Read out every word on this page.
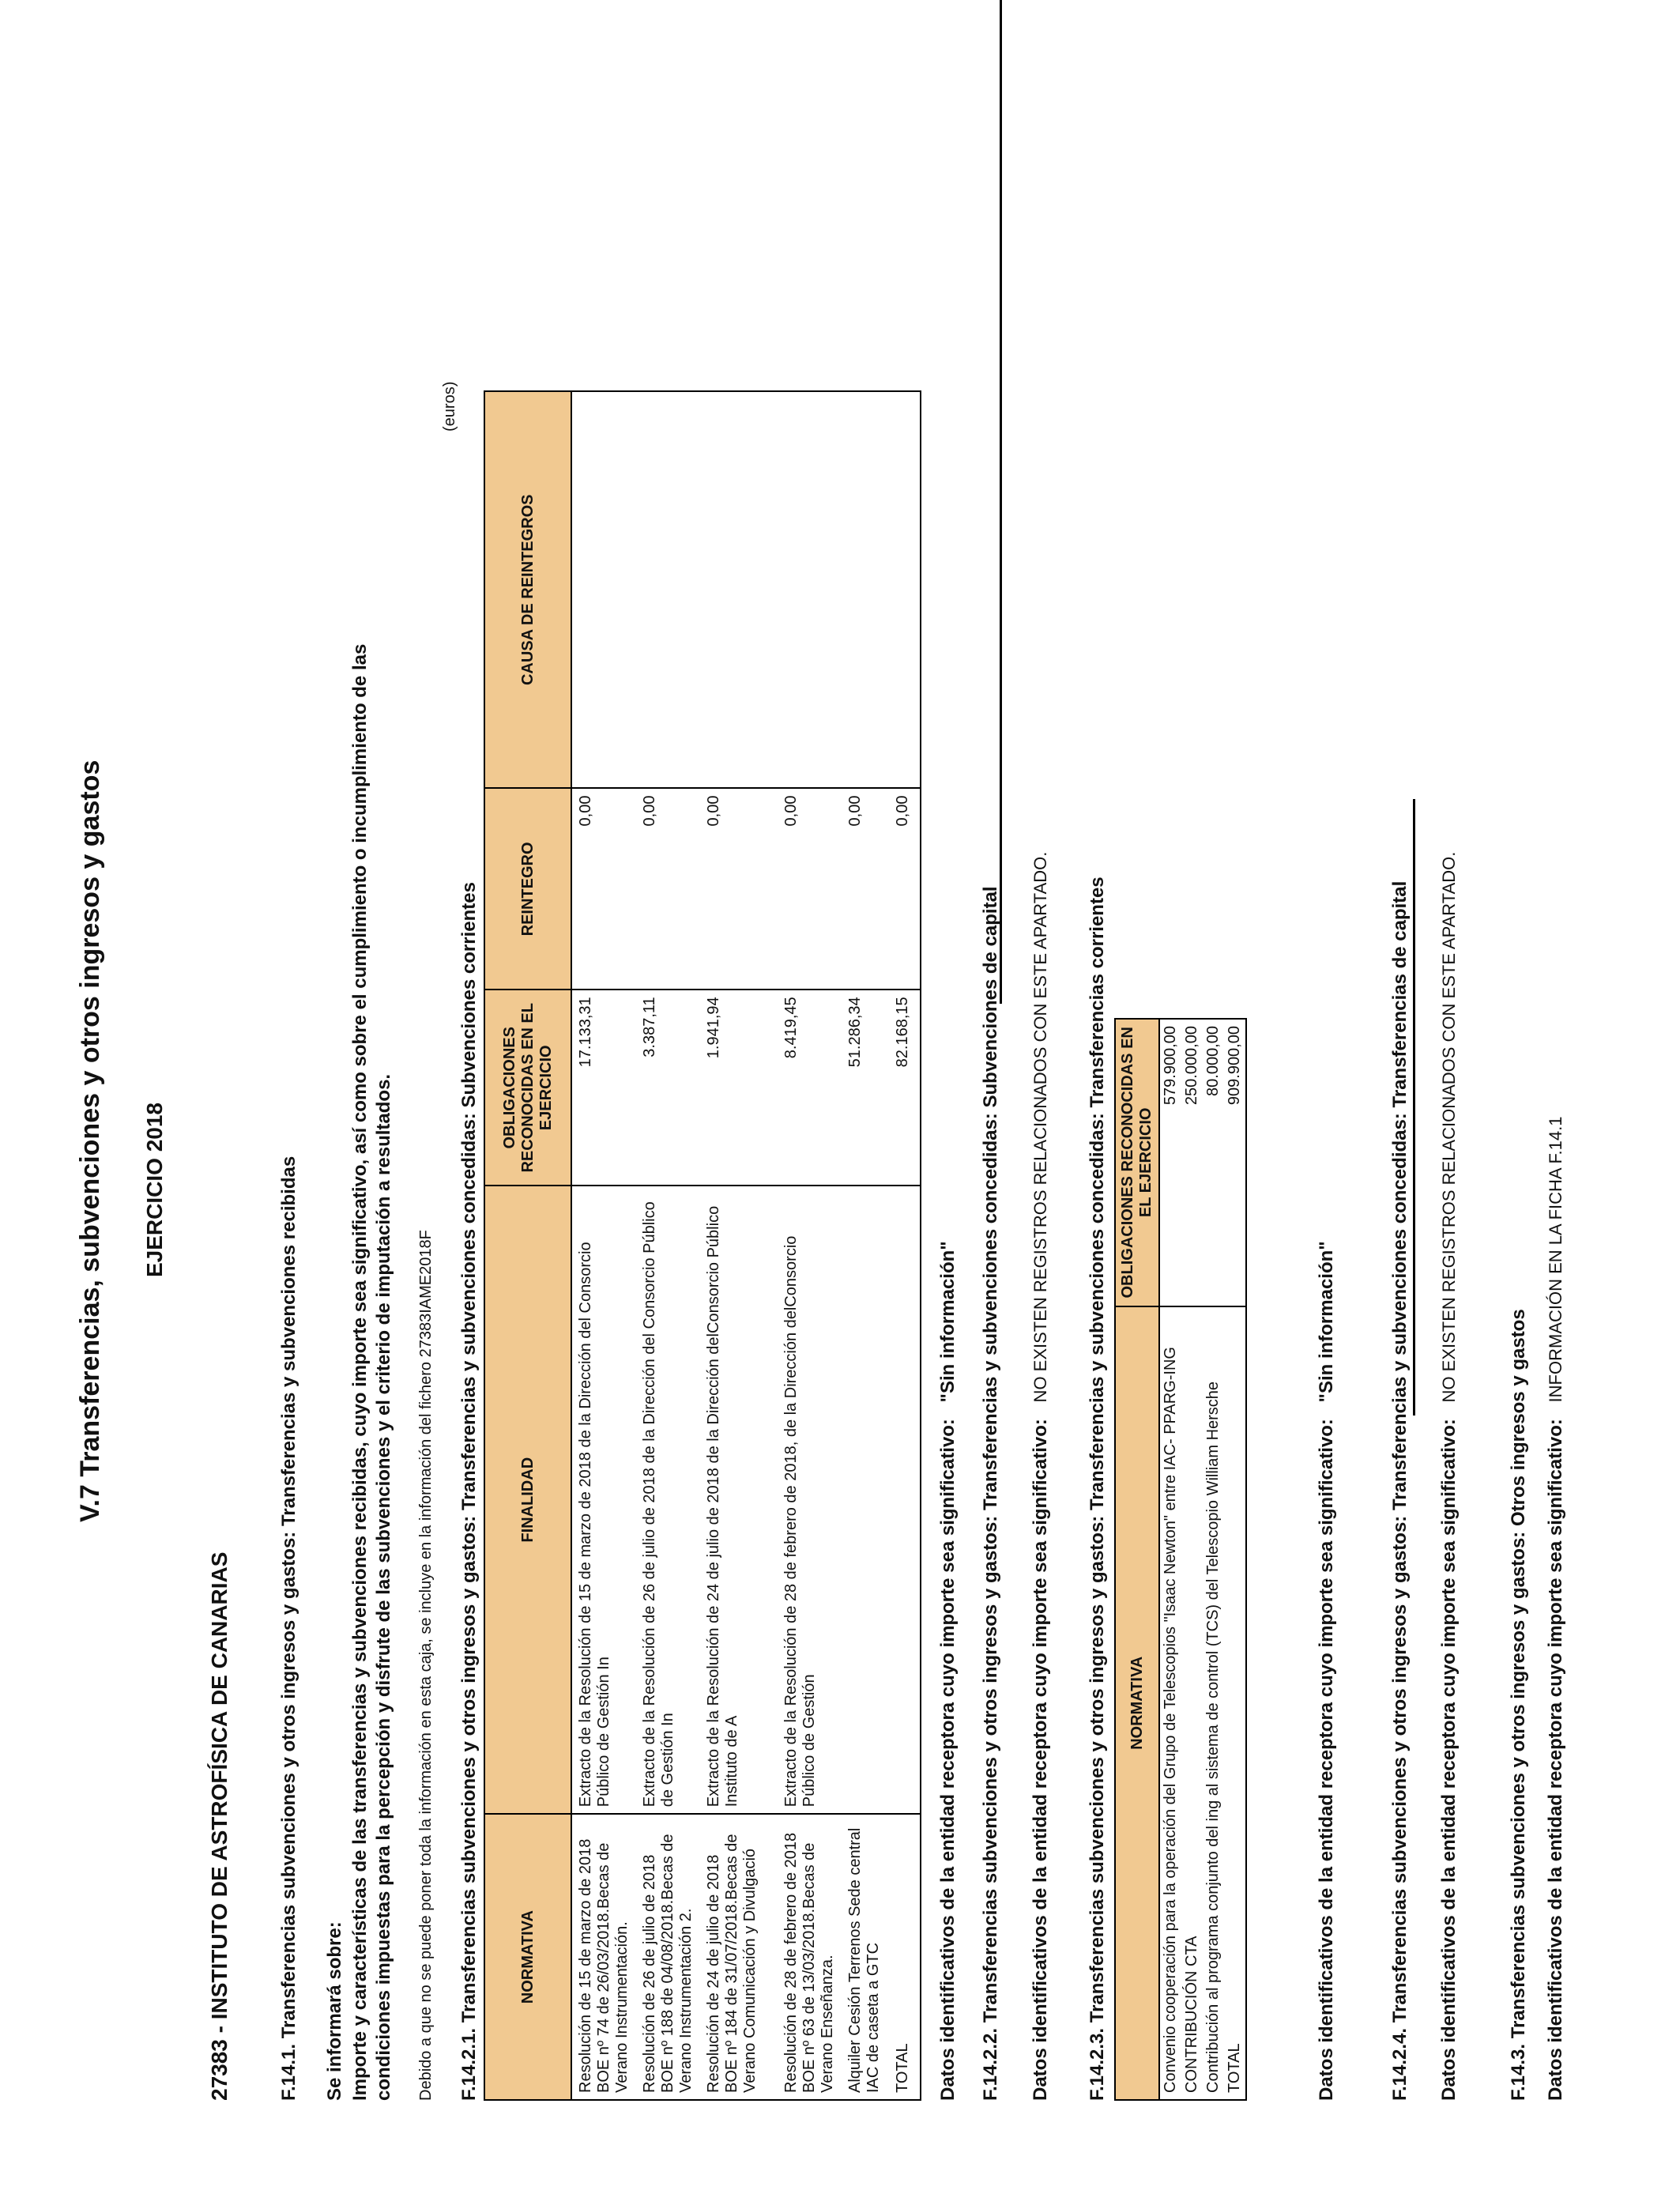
V.7 Transferencias, subvenciones y otros ingresos y gastos EJERCICIO 2018
27383 - INSTITUTO DE ASTROFÍSICA DE CANARIAS F.14.1. Transferencias subvenciones y otros ingresos y gastos: Transferencias y subvenciones recibidas Se informará sobre: Importe y características de las transferencias y subvenciones recibidas, cuyo importe sea significativo, así como sobre el cumplimiento o incumplimiento de las condiciones impuestas para la percepción y disfrute de las subvenciones y el criterio de imputación a resultados. Debido a que no se puede poner toda la información en esta caja, se incluye en la información del fichero 27383IAME2018F F.14.2.1. Transferencias subvenciones y otros ingresos y gastos: Transferencias y subvenciones concedidas: Subvenciones corrientes
(euros)
NORMATIVA	FINALIDAD	OBLIGACIONES RECONOCIDAS EN EL EJERCICIO	REINTEGRO	CAUSA DE REINTEGROS
Resolución de 15 de marzo de 2018 BOE nº 74 de 26/03/2018.Becas de Verano Instrumentación.	Extracto de la Resolución de 15 de marzo de 2018 de la Dirección del Consorcio Público de Gestión In	17.133,31	0,00	
Resolución de 26 de julio de 2018 BOE nº 188 de 04/08/2018.Becas de Verano Instrumentación 2.	Extracto de la Resolución de 26 de julio de 2018 de la Dirección del Consorcio Público de Gestión In	3.387,11	0,00	
Resolución de 24 de julio de 2018 BOE nº 184 de 31/07/2018.Becas de Verano Comunicación y Divulgació	Extracto de la Resolución de 24 de julio de 2018 de la Dirección delConsorcio Público Instituto de A	1.941,94	0,00	
Resolución de 28 de febrero de 2018 BOE nº 63 de 13/03/2018.Becas de Verano Enseñanza.	Extracto de la Resolución de 28 de febrero de 2018, de la Dirección delConsorcio Público de Gestión	8.419,45	0,00	
Alquiler Cesión Terrenos Sede central IAC de caseta a GTC		51.286,34	0,00	
TOTAL		82.168,15	0,00	
Datos identificativos de la entidad receptora cuyo importe sea significativo: "Sin información" F.14.2.2. Transferencias subvenciones y otros ingresos y gastos: Transferencias y subvenciones concedidas: Subvenciones de capital Datos identificativos de la entidad receptora cuyo importe sea significativo: NO EXISTEN REGISTROS RELACIONADOS CON ESTE APARTADO. F.14.2.3. Transferencias subvenciones y otros ingresos y gastos: Transferencias y subvenciones concedidas: Transferencias corrientes NORMATIVA	OBLIGACIONES RECONOCIDAS EN EL EJERCICIO
Convenio cooperación para la operación del Grupo de Telescopios "Isaac Newton" entre IAC- PPARG-ING	579.900,00
CONTRIBUCIÓN CTA	250.000,00
Contribución al programa conjunto del ing al sistema de control (TCS) del Telescopio William Hersche	80.000,00
TOTAL	909.900,00
Datos identificativos de la entidad receptora cuyo importe sea significativo: "Sin información"	F.14.2.4. Transferencias subvenciones y otros ingresos y gastos: Transferencias y subvenciones concedidas: Transferencias de capital Datos identificativos de la entidad receptora cuyo importe sea significativo: NO EXISTEN REGISTROS RELACIONADOS CON ESTE APARTADO.
F.14.3. Transferencias subvenciones y otros ingresos y gastos: Otros ingresos y gastos Datos identificativos de la entidad receptora cuyo importe sea significativo: INFORMACIÓN EN LA FICHA F.14.1
